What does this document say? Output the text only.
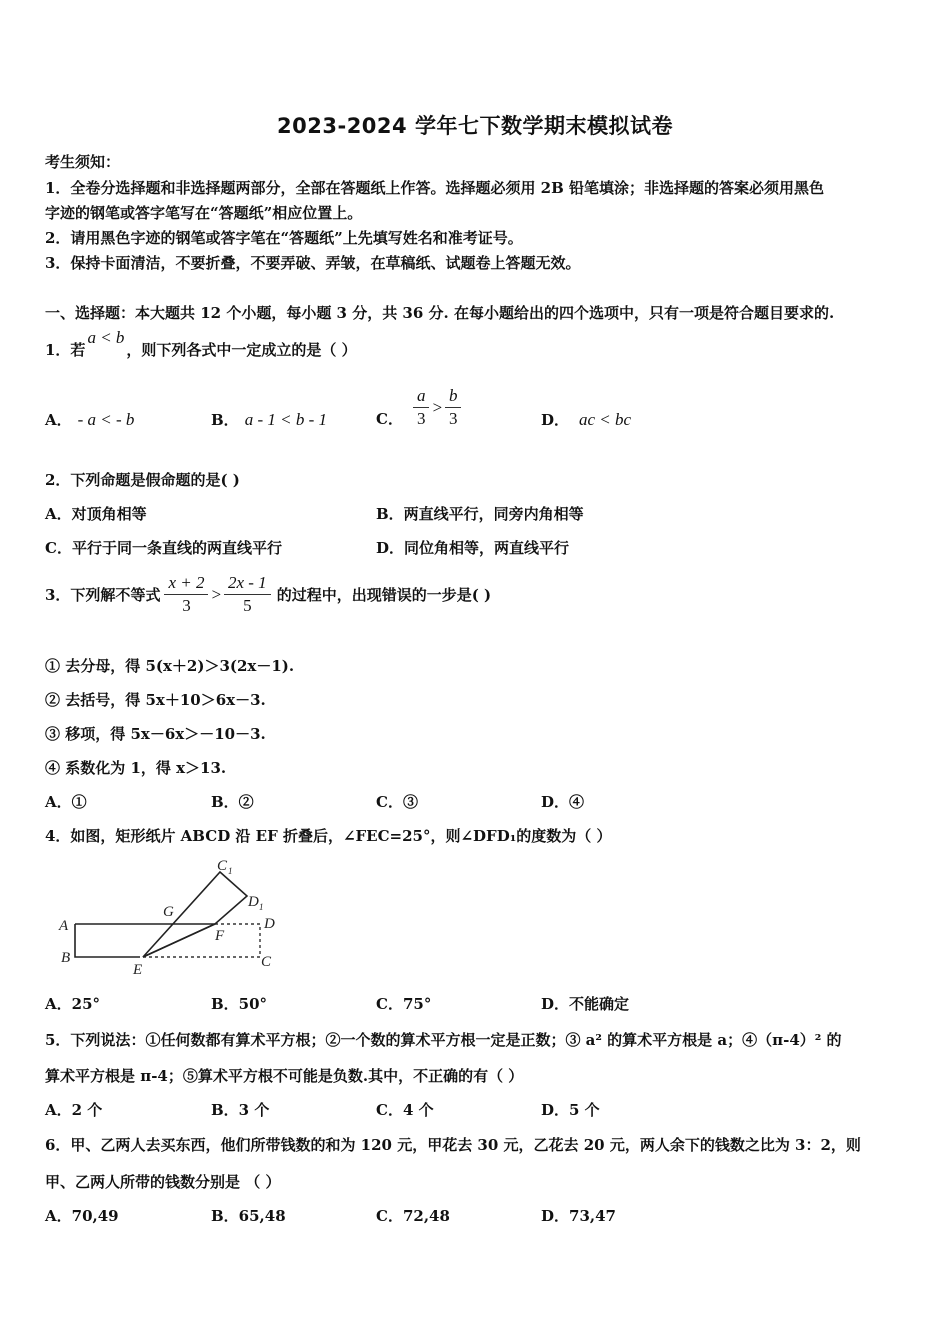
2023-2024 学年七下数学期末模拟试卷
考生须知：
1．全卷分选择题和非选择题两部分，全部在答题纸上作答。选择题必须用 2B 铅笔填涂；非选择题的答案必须用黑色
字迹的钢笔或答字笔写在“答题纸”相应位置上。
2．请用黑色字迹的钢笔或答字笔在“答题纸”上先填写姓名和准考证号。
3．保持卡面清洁，不要折叠，不要弄破、弄皱，在草稿纸、试题卷上答题无效。
一、选择题：本大题共 12 个小题，每小题 3 分，共 36 分. 在每小题给出的四个选项中，只有一项是符合题目要求的.
1．若a < b，则下列各式中一定成立的是（ ）
A． - a < - b	B． a - 1 < b - 1	C． $\frac{a}{3} > \frac{b}{3}$	D． ac < bc
2．下列命题是假命题的是( )
A．对顶角相等	B．两直线平行，同旁内角相等
C．平行于同一条直线的两直线平行	D．同位角相等，两直线平行
3．下列解不等式 $\frac{x + 2}{3} > \frac{2x - 1}{5}$ 的过程中，出现错误的一步是( )
① 去分母，得 5(x＋2)＞3(2x－1).
② 去括号，得 5x＋10＞6x－3.
③ 移项，得 5x－6x＞－10－3.
④ 系数化为 1，得 x＞13.
A．①	B．②	C．③	D．④
4．如图，矩形纸片 ABCD 沿 EF 折叠后，∠FEC=25°，则∠DFD₁的度数为（ ）
A
B
E	C
D
F
G
C 1
D 1
A．25°	B．50°	C．75°	D．不能确定
5．下列说法：①任何数都有算术平方根；②一个数的算术平方根一定是正数；③ a² 的算术平方根是 a；④（π-4）² 的
算术平方根是 π-4；⑤算术平方根不可能是负数.其中，不正确的有（ ）
A．2 个	B．3 个	C．4 个	D．5 个
6．甲、乙两人去买东西，他们所带钱数的和为 120 元，甲花去 30 元，乙花去 20 元，两人余下的钱数之比为 3：2，则
甲、乙两人所带的钱数分别是 （ ）
A．70,49	B．65,48	C．72,48	D．73,47
